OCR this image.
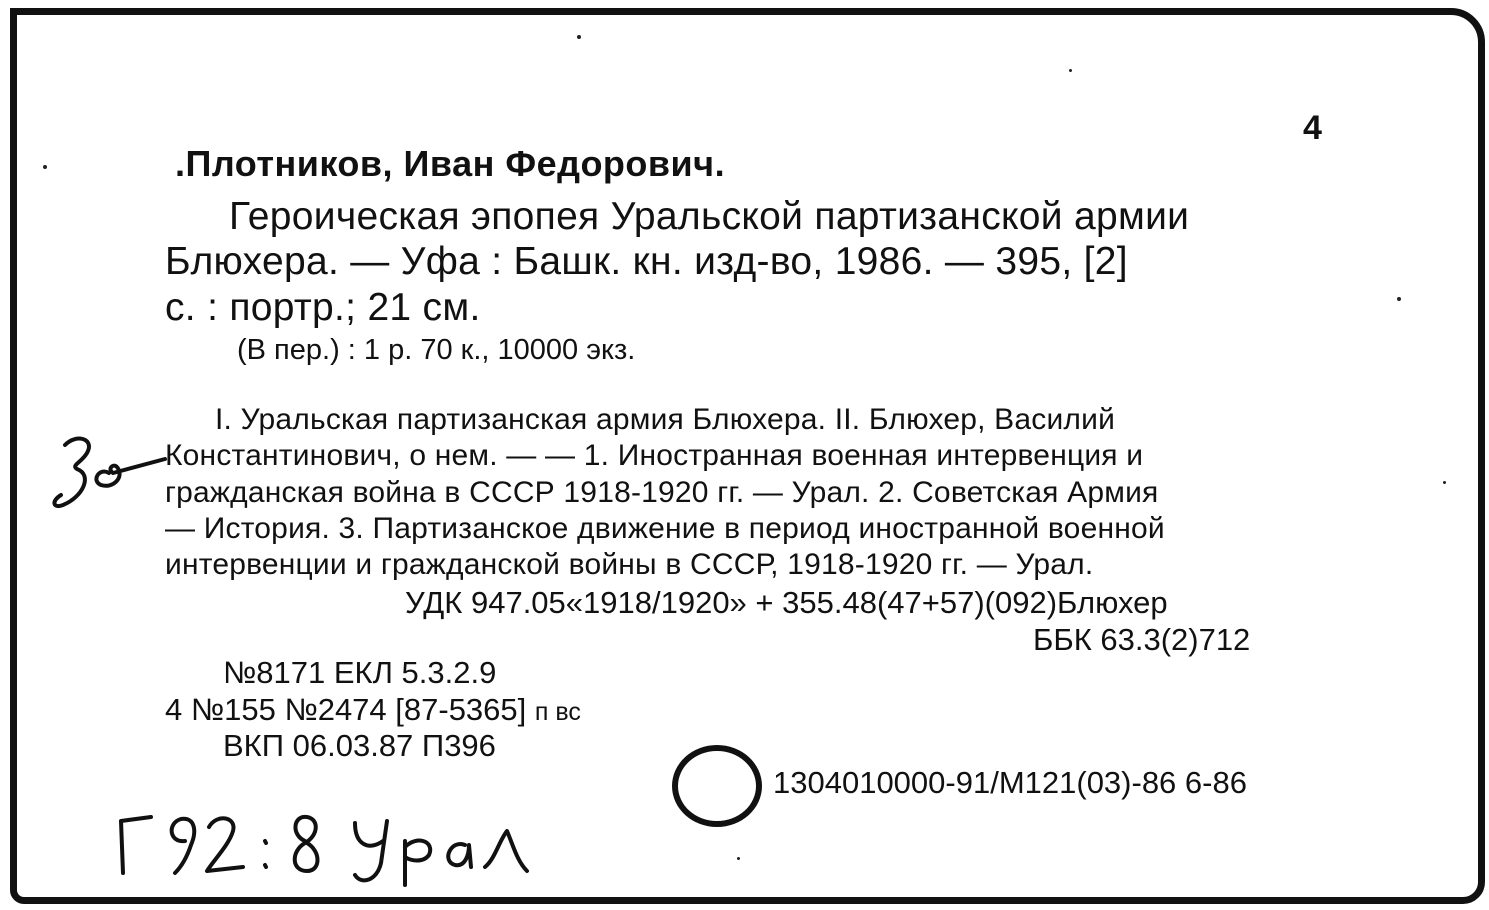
4
.Плотников, Иван Федорович.
Героическая эпопея Уральской партизанской армии
Блюхера. — Уфа : Башк. кн. изд-во, 1986. — 395, [2]
с. : портр.; 21 см.
(В пер.) : 1 р. 70 к., 10000 экз.
I. Уральская партизанская армия Блюхера. II. Блюхер, Василий
Константинович, о нем. — — 1. Иностранная военная интервенция и
гражданская война в СССР 1918-1920 гг. — Урал. 2. Советская Армия
— История. 3. Партизанское движение в период иностранной военной
интервенции и гражданской войны в СССР, 1918-1920 гг. — Урал.
УДК 947.05«1918/1920» + 355.48(47+57)(092)Блюхер
ББК 63.3(2)712
№8171 ЕКЛ 5.3.2.9
4 №155 №2474 [87-5365] п вс
ВКП 06.03.87 П396
1304010000-91/М121(03)-86 6-86
